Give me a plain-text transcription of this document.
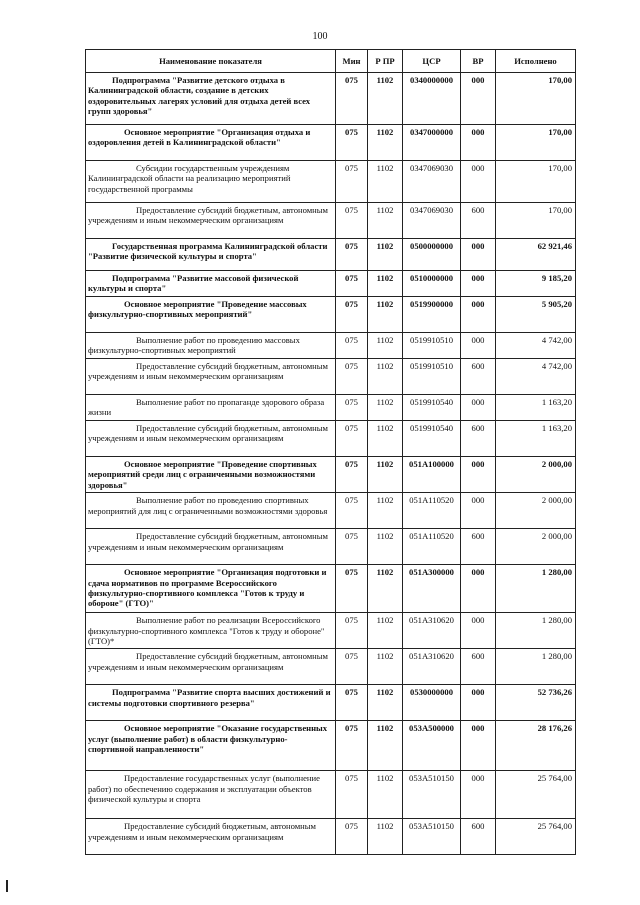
100
Наименование показателя	Мин	Р ПР	ЦСР	ВР	Исполнено
Подпрограмма "Развитие детского отдыха в Калининградской области, создание в детских оздоровительных лагерях условий для отдыха детей всех групп здоровья"	075	1102	0340000000	000	170,00
Основное мероприятие "Организация отдыха и оздоровления детей в Калининградской области"	075	1102	0347000000	000	170,00
Субсидии государственным учреждениям Калининградской области на реализацию мероприятий государственной программы	075	1102	0347069030	000	170,00
Предоставление субсидий бюджетным, автономным учреждениям и иным некоммерческим организациям	075	1102	0347069030	600	170,00
Государственная программа Калининградской области "Развитие физической культуры и спорта"	075	1102	0500000000	000	62 921,46
Подпрограмма "Развитие массовой физической культуры и спорта"	075	1102	0510000000	000	9 185,20
Основное мероприятие "Проведение массовых физкультурно-спортивных мероприятий"	075	1102	0519900000	000	5 905,20
Выполнение работ по проведению массовых физкультурно-спортивных мероприятий	075	1102	0519910510	000	4 742,00
Предоставление субсидий бюджетным, автономным учреждениям и иным некоммерческим организациям	075	1102	0519910510	600	4 742,00
Выполнение работ по пропаганде здорового образа жизни	075	1102	0519910540	000	1 163,20
Предоставление субсидий бюджетным, автономным учреждениям и иным некоммерческим организациям	075	1102	0519910540	600	1 163,20
Основное мероприятие "Проведение спортивных мероприятий среди лиц с ограниченными возможностями здоровья"	075	1102	051A100000	000	2 000,00
Выполнение работ по проведению спортивных мероприятий для лиц с ограниченными возможностями здоровья	075	1102	051A110520	000	2 000,00
Предоставление субсидий бюджетным, автономным учреждениям и иным некоммерческим организациям	075	1102	051A110520	600	2 000,00
Основное мероприятие "Организация подготовки и сдача нормативов по программе Всероссийского физкультурно-спортивного комплекса "Готов к труду и обороне" (ГТО)"	075	1102	051A300000	000	1 280,00
Выполнение работ по реализации Всероссийского физкультурно-спортивного комплекса "Готов к труду и обороне" (ГТО)*	075	1102	051A310620	000	1 280,00
Предоставление субсидий бюджетным, автономным учреждениям и иным некоммерческим организациям	075	1102	051A310620	600	1 280,00
Подпрограмма "Развитие спорта высших достижений и системы подготовки спортивного резерва"	075	1102	0530000000	000	52 736,26
Основное мероприятие "Оказание государственных услуг (выполнение работ) в области физкультурно-спортивной направленности"	075	1102	053A500000	000	28 176,26
Предоставление государственных услуг (выполнение работ) по обеспечению содержания и эксплуатации объектов физической культуры и спорта	075	1102	053A510150	000	25 764,00
Предоставление субсидий бюджетным, автономным учреждениям и иным некоммерческим организациям	075	1102	053A510150	600	25 764,00
